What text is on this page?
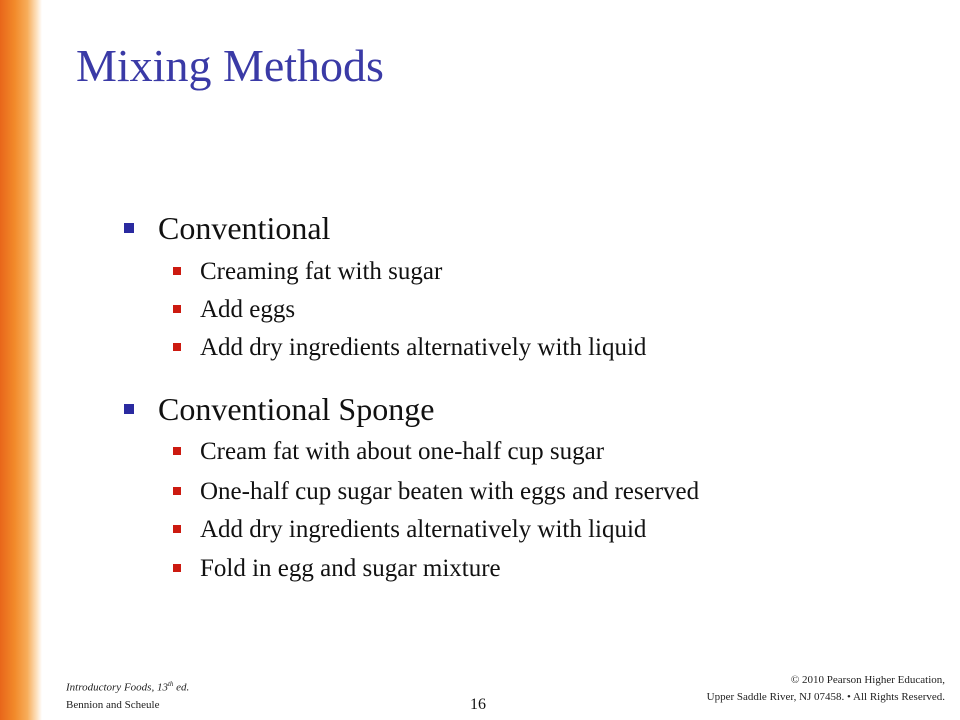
Mixing Methods
Conventional
Creaming fat with sugar
Add eggs
Add dry ingredients alternatively with liquid
Conventional Sponge
Cream fat with about one-half cup sugar
One-half cup sugar beaten with eggs and reserved
Add dry ingredients alternatively with liquid
Fold in egg and sugar mixture
Introductory Foods, 13th ed.
Bennion and Scheule	16
© 2010 Pearson Higher Education,
Upper Saddle River, NJ 07458. • All Rights Reserved.
